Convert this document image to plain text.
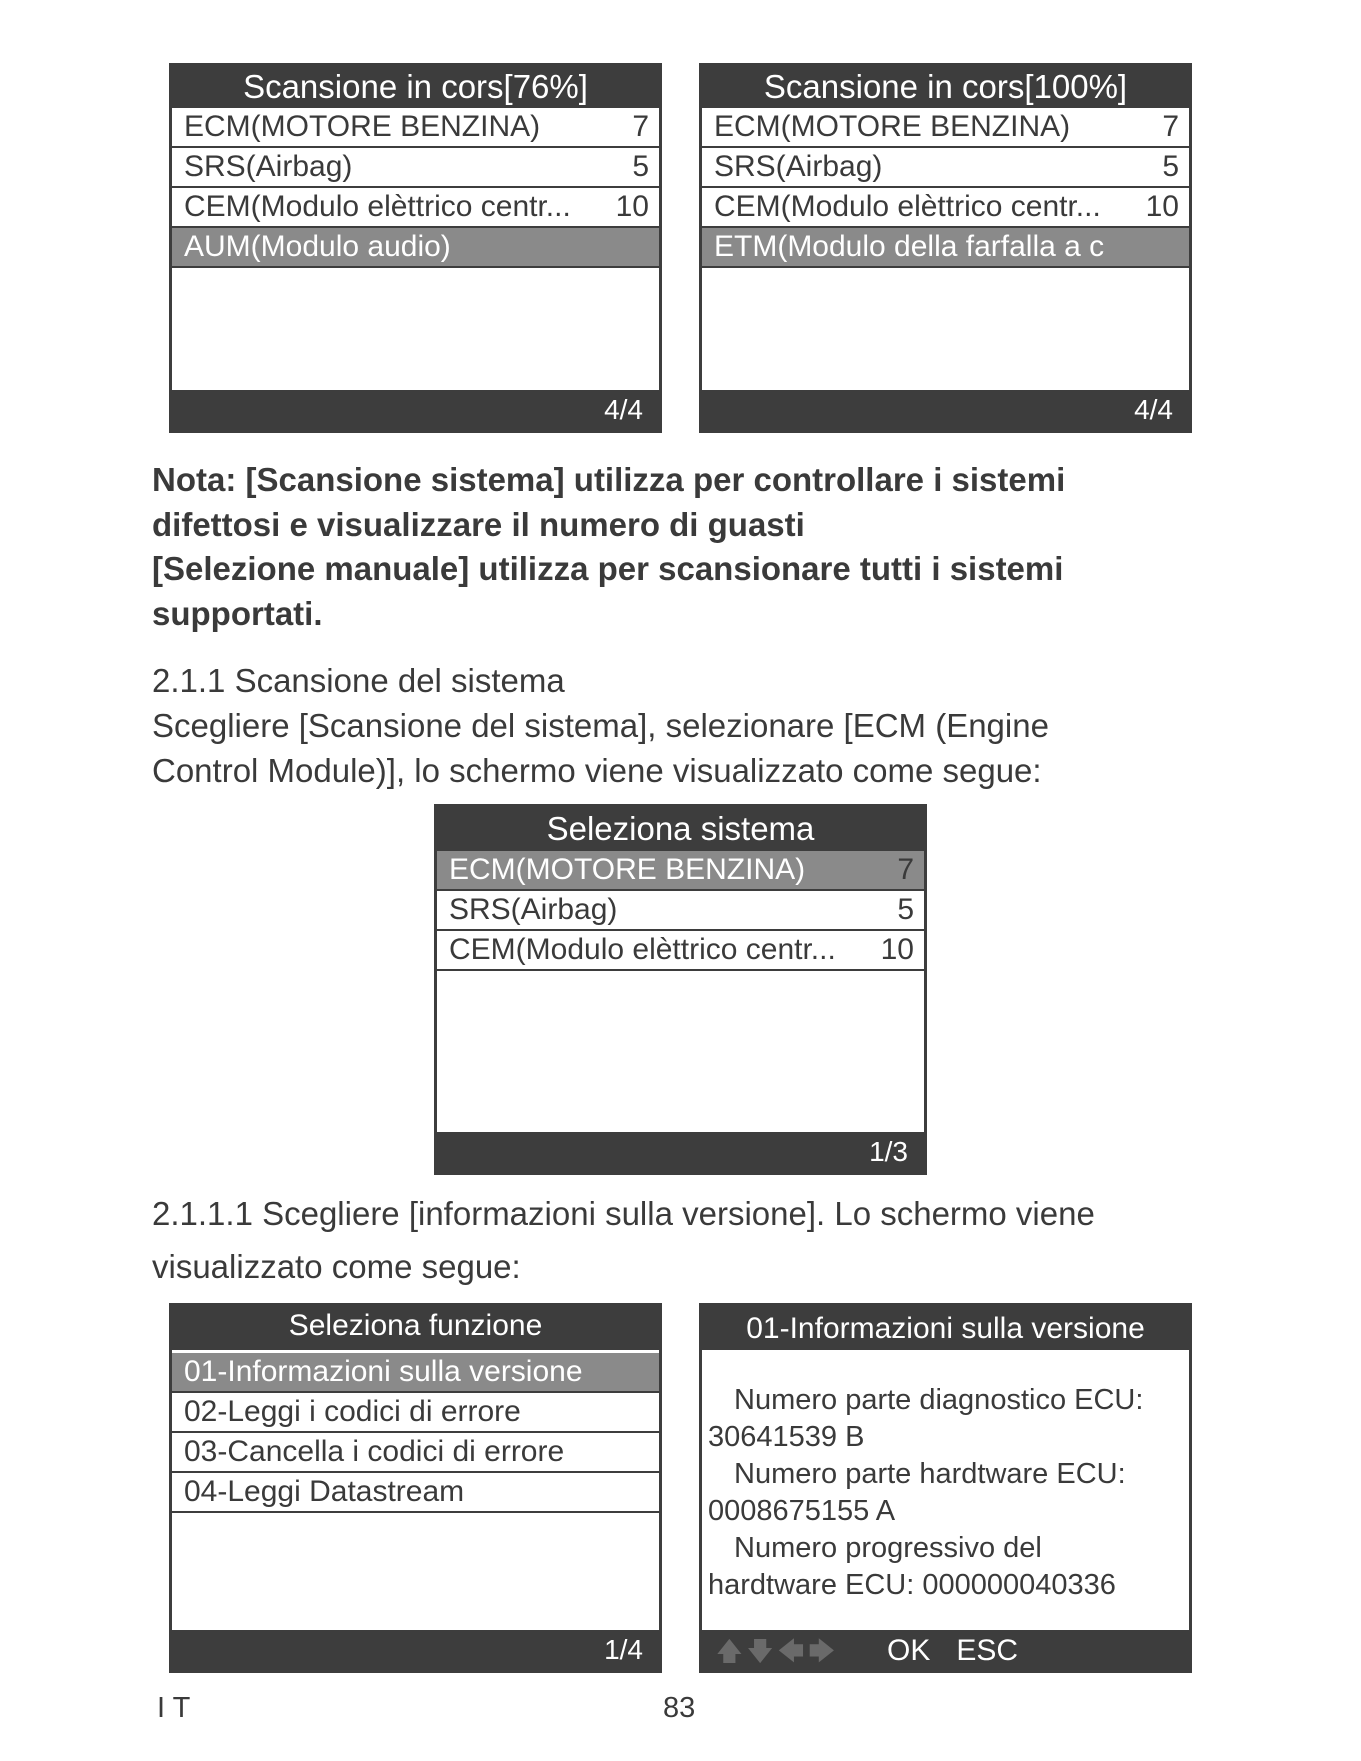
Scansione in cors[76%]
ECM(MOTORE BENZINA)	7
SRS(Airbag)	5
CEM(Modulo elèttrico centr... 10
AUM(Modulo audio)
4/4
Scansione in cors[100%]
ECM(MOTORE BENZINA)	7
SRS(Airbag)	5
CEM(Modulo elèttrico centr... 10
ETM(Modulo della farfalla a c
4/4

Nota: [Scansione sistema] utilizza per controllare i sistemi

difettosi e visualizzare il numero di guasti

[Selezione manuale] utilizza per scansionare tutti i sistemi

supportati.

2.1.1 Scansione del sistema

Scegliere [Scansione del sistema], selezionare [ECM (Engine

Control Module)], lo schermo viene visualizzato come segue:

Seleziona sistema
ECM(MOTORE BENZINA)	7
SRS(Airbag)	5
CEM(Modulo elèttrico centr... 10
1/3

2.1.1.1 Scegliere [informazioni sulla versione]. Lo schermo viene

visualizzato come segue:

Seleziona funzione
01-Informazioni sulla versione
02-Leggi i codici di errore
03-Cancella i codici di errore
04-Leggi Datastream
1/4
01-Informazioni sulla versione
Numero parte diagnostico ECU:
30641539 B
Numero parte hardtware ECU:
0008675155 A
Numero progressivo del
hardtware ECU: 000000040336
🡅🡇🡄🡆 OK ESC
I T	83
